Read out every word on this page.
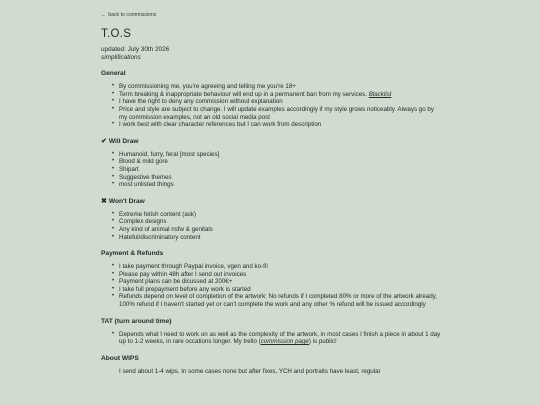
← back to commissions
T.O.S
updated: July 30th 2026
simplifications
General
• By commissioning me, you're agreeing and telling me you're 18+
• Term breaking & inappropriate behaviour will end up in a permanent ban from my services. Blacklist
• I have the right to deny any commission without explanation
• Price and style are subject to change. I will update examples accordingly if my style grows noticeably. Always go by my commission examples, not an old social media post
• I work best with clear character references but I can work from description
✔ Will Draw
• Humanoid, furry, feral [most species]
• Blood & mild gore
• Shipart
• Suggestive themes
• most unlisted things
✖ Won't Draw
• Extreme fetish content (ask)
• Complex designs
• Any kind of animal nsfw & genitals
• Hateful/discriminatory content
Payment & Refunds
• I take payment through Paypal invoice, vgen and ko-fi!
• Please pay within 48h after I send out invoices
• Payment plans can be dicussed at 200€+
• I take full prepayment before any work is started
• Refunds depend on level of completion of the artwork: No refunds if I completed 80% or more of the artwork already, 100% refund if I haven't started yet or can't complete the work and any other % refund will be issued accordingly
TAT (turn around time)
• Depends what I need to work on as well as the complexity of the artwork, in most cases I finish a piece in about 1 day up to 1-2 weeks, in rare occations longer. My trello (commission page) is public!
About WIPS
• I send about 1-4 wips. In some cases none but after fixes, YCH and portraits have least, regular
